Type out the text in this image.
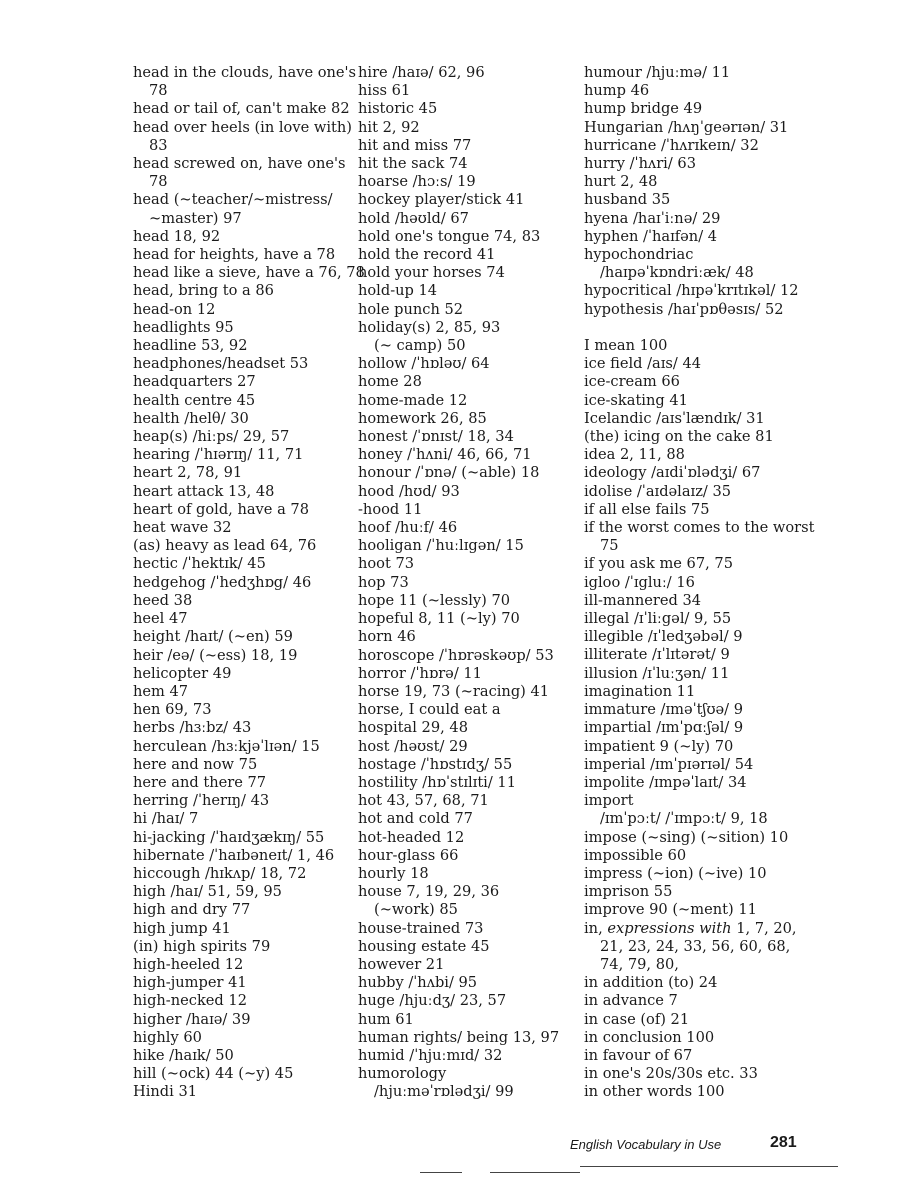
head in the clouds, have one's
78
head or tail of, can't make 82
head over heels (in love with)
83
head screwed on, have one's
78
head (~teacher/~mistress/
~master) 97
head 18, 92
head for heights, have a 78
head like a sieve, have a 76, 78
head, bring to a 86
head-on 12
headlights 95
headline 53, 92
headphones/headset 53
headquarters 27
health centre 45
health /helθ/ 30
heap(s) /hiːps/ 29, 57
hearing /ˈhɪərɪŋ/ 11, 71
heart 2, 78, 91
heart attack 13, 48
heart of gold, have a 78
heat wave 32
(as) heavy as lead 64, 76
hectic /ˈhektɪk/ 45
hedgehog /ˈhedʒhɒg/ 46
heed 38
heel 47
height /haɪt/ (~en) 59
heir /eə/ (~ess) 18, 19
helicopter 49
hem 47
hen 69, 73
herbs /hɜːbz/ 43
herculean /hɜːkjəˈlɪən/ 15
here and now 75
here and there 77
herring /ˈherɪŋ/ 43
hi /haɪ/ 7
hi-jacking /ˈhaɪdʒækɪŋ/ 55
hibernate /ˈhaɪbəneɪt/ 1, 46
hiccough /hɪkʌp/ 18, 72
high /haɪ/ 51, 59, 95
high and dry 77
high jump 41
(in) high spirits 79
high-heeled 12
high-jumper 41
high-necked 12
higher /haɪə/ 39
highly 60
hike /haɪk/ 50
hill (~ock) 44 (~y) 45
Hindi 31
hire /haɪə/ 62, 96
hiss 61
historic 45
hit 2, 92
hit and miss 77
hit the sack 74
hoarse /hɔːs/ 19
hockey player/stick 41
hold /həʊld/ 67
hold one's tongue 74, 83
hold the record 41
hold your horses 74
hold-up 14
hole punch 52
holiday(s) 2, 85, 93
(~ camp) 50
hollow /ˈhɒləʊ/ 64
home 28
home-made 12
homework 26, 85
honest /ˈɒnɪst/ 18, 34
honey /ˈhʌni/ 46, 66, 71
honour /ˈɒnə/ (~able) 18
hood /hʊd/ 93
-hood 11
hoof /huːf/ 46
hooligan /ˈhuːlɪgən/ 15
hoot 73
hop 73
hope 11 (~lessly) 70
hopeful 8, 11 (~ly) 70
horn 46
horoscope /ˈhɒrəskəʊp/ 53
horror /ˈhɒrə/ 11
horse 19, 73 (~racing) 41
horse, I could eat a
hospital 29, 48
host /həʊst/ 29
hostage /ˈhɒstɪdʒ/ 55
hostility /hɒˈstɪlɪti/ 11
hot 43, 57, 68, 71
hot and cold 77
hot-headed 12
hour-glass 66
hourly 18
house 7, 19, 29, 36
(~work) 85
house-trained 73
housing estate 45
however 21
hubby /ˈhʌbi/ 95
huge /hjuːdʒ/ 23, 57
hum 61
human rights/ being 13, 97
humid /ˈhjuːmɪd/ 32
humorology
/hjuːməˈrɒlədʒi/ 99
humour /hjuːmə/ 11
hump 46
hump bridge 49
Hungarian /hʌŋˈgeərɪən/ 31
hurricane /ˈhʌrɪkeɪn/ 32
hurry /ˈhʌri/ 63
hurt 2, 48
husband 35
hyena /haɪˈiːnə/ 29
hyphen /ˈhaɪfən/ 4
hypochondriac
/haɪpəˈkɒndriːæk/ 48
hypocritical /hɪpəˈkrɪtɪkəl/ 12
hypothesis /haɪˈpɒθəsɪs/ 52
I mean 100
ice field /aɪs/ 44
ice-cream 66
ice-skating 41
Icelandic /aɪsˈlændɪk/ 31
(the) icing on the cake 81
idea 2, 11, 88
ideology /aɪdiˈɒlədʒi/ 67
idolise /ˈaɪdəlaɪz/ 35
if all else fails 75
if the worst comes to the worst
75
if you ask me 67, 75
igloo /ˈɪgluː/ 16
ill-mannered 34
illegal /ɪˈliːgəl/ 9, 55
illegible /ɪˈledʒəbəl/ 9
illiterate /ɪˈlɪtərət/ 9
illusion /ɪˈluːʒən/ 11
imagination 11
immature /ɪməˈtʃʊə/ 9
impartial /ɪmˈpɑːʃəl/ 9
impatient 9 (~ly) 70
imperial /ɪmˈpɪərɪəl/ 54
impolite /ɪmpəˈlaɪt/ 34
import
/ɪmˈpɔːt/ /ˈɪmpɔːt/ 9, 18
impose (~sing) (~sition) 10
impossible 60
impress (~ion) (~ive) 10
imprison 55
improve 90 (~ment) 11
in, expressions with 1, 7, 20,
21, 23, 24, 33, 56, 60, 68,
74, 79, 80,
in addition (to) 24
in advance 7
in case (of) 21
in conclusion 100
in favour of 67
in one's 20s/30s etc. 33
in other words 100
English Vocabulary in Use	281
